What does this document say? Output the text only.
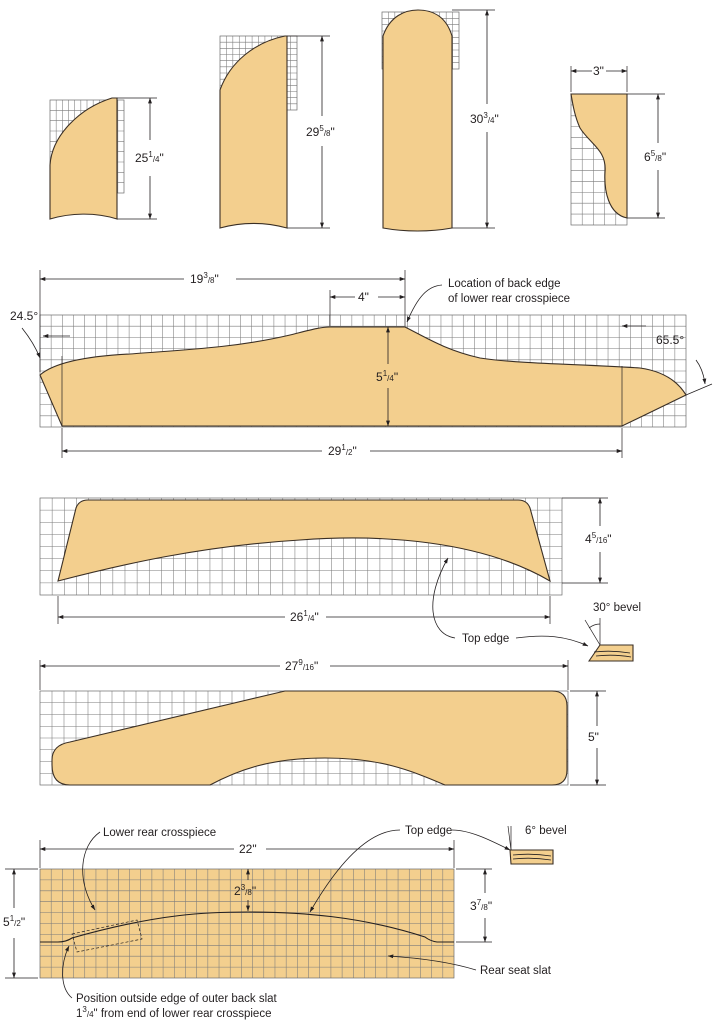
$25^1_/4$"
$29^5_/8$"
$30^3_/4$"
3"
$6^5_/8$"
$19^3_/8$"
4"
Location of back edge
of lower rear crosspiece
24.5°
65.5°
$5^1_/4$"
$29^1_/2$"
$4^5_/16$"
$26^1_/4$"
Top edge
30° bevel
$27^9_/16$"
5"
22"
Lower rear crosspiece	Top edge	6° bevel
$5^1_/2$"
$2^3_/8$"
$3^7_/8$"
Rear seat slat
Position outside edge of outer back slat
$1^3_/4$" from end of lower rear crosspiece
